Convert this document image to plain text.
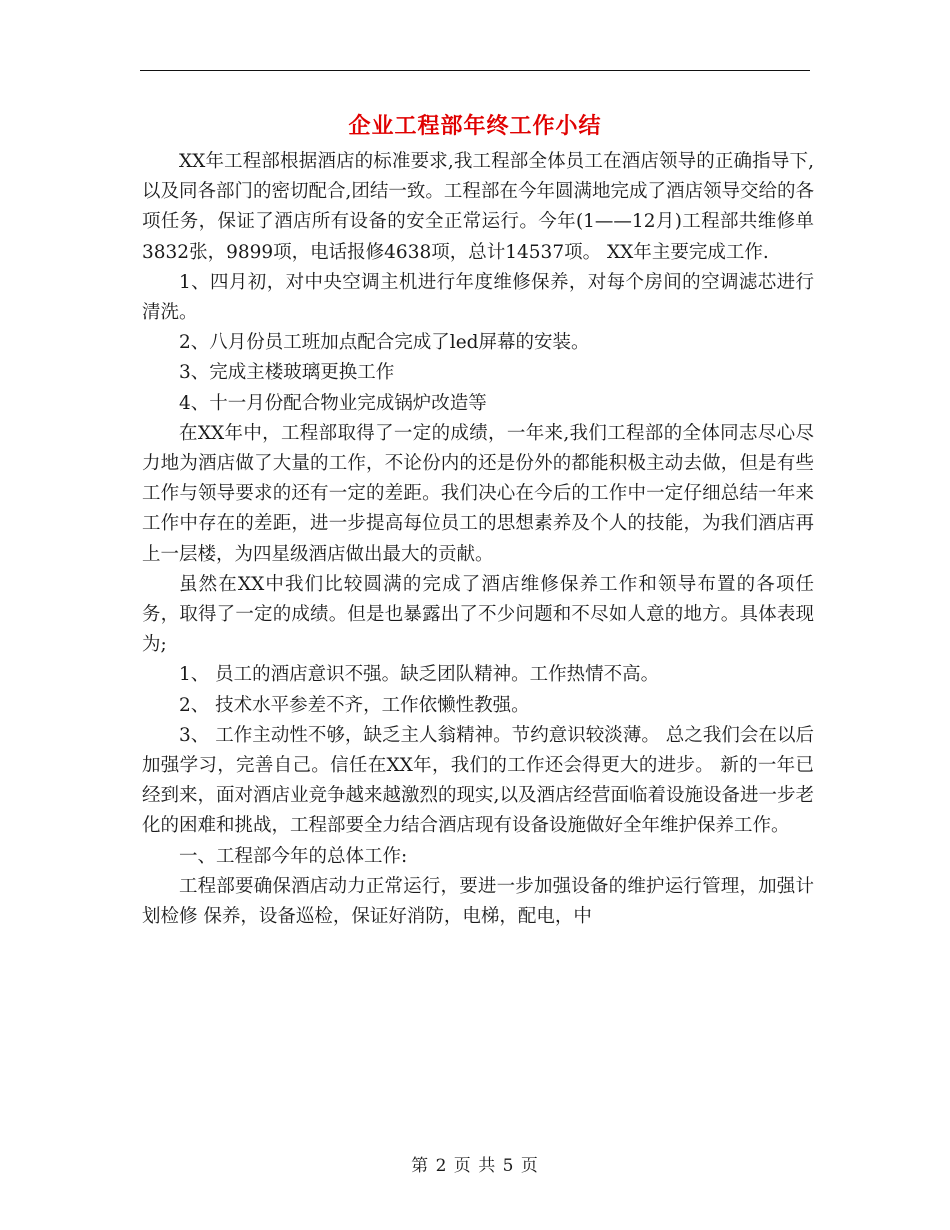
企业工程部年终工作小结

XX年工程部根据酒店的标准要求,我工程部全体员工在酒店领导的正确指导下,以及同各部门的密切配合,团结一致。工程部在今年圆满地完成了酒店领导交给的各项任务，保证了酒店所有设备的安全正常运行。今年(1——12月)工程部共维修单3832张，9899项，电话报修4638项，总计14537项。 XX年主要完成工作.

1、四月初，对中央空调主机进行年度维修保养，对每个房间的空调滤芯进行清洗。

2、八月份员工班加点配合完成了led屏幕的安装。

3、完成主楼玻璃更换工作

4、十一月份配合物业完成锅炉改造等

在XX年中，工程部取得了一定的成绩，一年来,我们工程部的全体同志尽心尽力地为酒店做了大量的工作，不论份内的还是份外的都能积极主动去做，但是有些工作与领导要求的还有一定的差距。我们决心在今后的工作中一定仔细总结一年来工作中存在的差距，进一步提高每位员工的思想素养及个人的技能，为我们酒店再上一层楼，为四星级酒店做出最大的贡献。

虽然在XX中我们比较圆满的完成了酒店维修保养工作和领导布置的各项任务，取得了一定的成绩。但是也暴露出了不少问题和不尽如人意的地方。具体表现为;

1、 员工的酒店意识不强。缺乏团队精神。工作热情不高。

2、 技术水平参差不齐，工作依懒性教强。

3、 工作主动性不够，缺乏主人翁精神。节约意识较淡薄。 总之我们会在以后加强学习，完善自己。信任在XX年，我们的工作还会得更大的进步。 新的一年已经到来，面对酒店业竞争越来越激烈的现实,以及酒店经营面临着设施设备进一步老化的困难和挑战，工程部要全力结合酒店现有设备设施做好全年维护保养工作。

一、工程部今年的总体工作:

工程部要确保酒店动力正常运行，要进一步加强设备的维护运行管理，加强计划检修 保养，设备巡检，保证好消防，电梯，配电，中

第 2 页 共 5 页
